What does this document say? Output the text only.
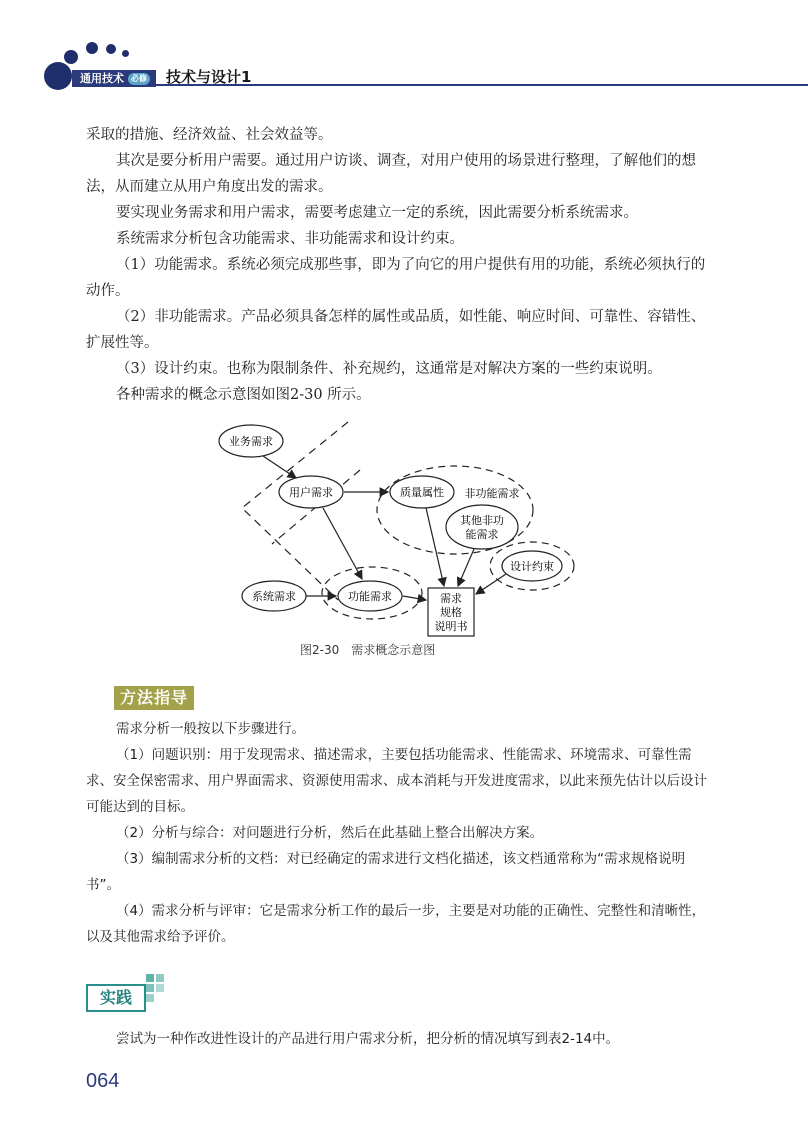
通用技术 必修 技术与设计1
采取的措施、经济效益、社会效益等。
其次是要分析用户需要。通过用户访谈、调查，对用户使用的场景进行整理，了解他们的想法，从而建立从用户角度出发的需求。
要实现业务需求和用户需求，需要考虑建立一定的系统，因此需要分析系统需求。
系统需求分析包含功能需求、非功能需求和设计约束。
（1）功能需求。系统必须完成那些事，即为了向它的用户提供有用的功能，系统必须执行的动作。
（2）非功能需求。产品必须具备怎样的属性或品质，如性能、响应时间、可靠性、容错性、扩展性等。
（3）设计约束。也称为限制条件、补充规约，这通常是对解决方案的一些约束说明。
各种需求的概念示意图如图2-30 所示。
业务需求
用户需求	质量属性 非功能需求
其他非功
能需求
设计约束
系统需求	功能需求	需求
规格
说明书
图2-30　需求概念示意图
方法指导
需求分析一般按以下步骤进行。
（1）问题识别：用于发现需求、描述需求，主要包括功能需求、性能需求、环境需求、可靠性需求、安全保密需求、用户界面需求、资源使用需求、成本消耗与开发进度需求，以此来预先估计以后设计可能达到的目标。
（2）分析与综合：对问题进行分析，然后在此基础上整合出解决方案。
（3）编制需求分析的文档：对已经确定的需求进行文档化描述，该文档通常称为“需求规格说明书”。
（4）需求分析与评审：它是需求分析工作的最后一步，主要是对功能的正确性、完整性和清晰性，以及其他需求给予评价。
实践
尝试为一种作改进性设计的产品进行用户需求分析，把分析的情况填写到表2-14中。
064
